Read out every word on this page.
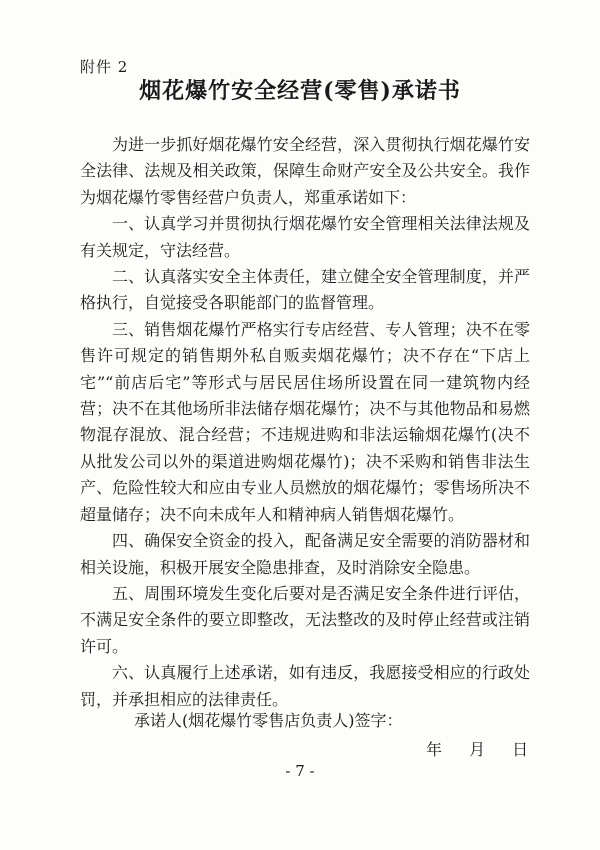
附件 2
烟花爆竹安全经营(零售)承诺书

为进一步抓好烟花爆竹安全经营，深入贯彻执行烟花爆竹安全法律、法规及相关政策，保障生命财产安全及公共安全。我作为烟花爆竹零售经营户负责人，郑重承诺如下：

一、认真学习并贯彻执行烟花爆竹安全管理相关法律法规及有关规定，守法经营。

二、认真落实安全主体责任，建立健全安全管理制度，并严格执行，自觉接受各职能部门的监督管理。

三、销售烟花爆竹严格实行专店经营、专人管理；决不在零售许可规定的销售期外私自贩卖烟花爆竹；决不存在“下店上宅”“前店后宅”等形式与居民居住场所设置在同一建筑物内经营；决不在其他场所非法储存烟花爆竹；决不与其他物品和易燃物混存混放、混合经营；不违规进购和非法运输烟花爆竹(决不从批发公司以外的渠道进购烟花爆竹)；决不采购和销售非法生产、危险性较大和应由专业人员燃放的烟花爆竹；零售场所决不超量储存；决不向未成年人和精神病人销售烟花爆竹。

四、确保安全资金的投入，配备满足安全需要的消防器材和相关设施，积极开展安全隐患排查，及时消除安全隐患。

五、周围环境发生变化后要对是否满足安全条件进行评估，不满足安全条件的要立即整改，无法整改的及时停止经营或注销许可。

六、认真履行上述承诺，如有违反，我愿接受相应的行政处罚，并承担相应的法律责任。

承诺人(烟花爆竹零售店负责人)签字：
年 月 日
- 7 -
